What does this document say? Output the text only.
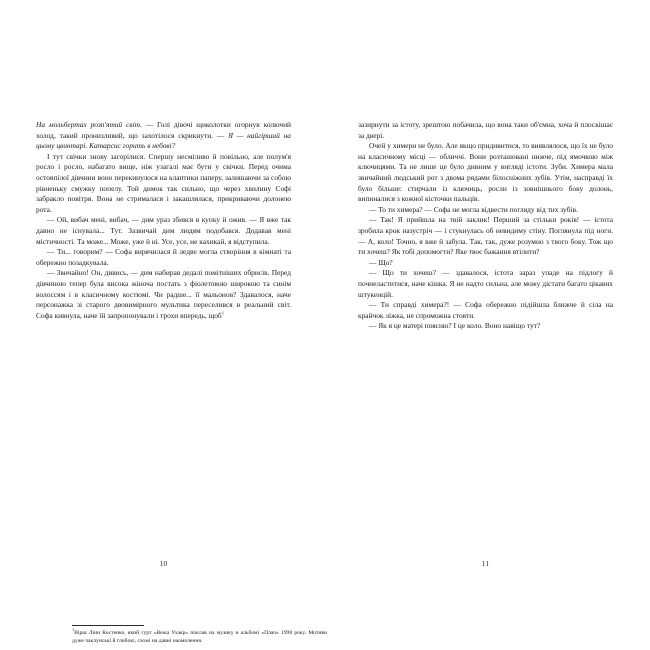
На мольбертах розп'ятий світ. — Голі дівочі щиколотки огорнув колючий холод, такий пронизливий, що захотілося скрикнути. — Я — найгірший на цьому цвинтарі. Катарсис горить в небові?

І тут свічки знову загорілися. Спершу несміливо й повільно, але полум'я росло і росло, набагато вище, ніж узагалі має бути у свічки. Перед очима остовпілої дівчини воно перекинулося на клаптики паперу, залишаючи за собою рівненьку смужку попелу. Той димок так сильно, що через хвилину Софі забракло повітря. Вона не стрималася і закашлялася, прикриваючи долонею рота.

— Ой, вибач мені, вибач, — дим ураз збився в купку й ожив. — Я вже так давно не існувала... Тут. Зазвичай дим людям подобався. Додавав мені містичності. Та може... Може, уже й ні. Усе, усе, не кахикай, я відступила.

— Ти... говорим? — Софа вирячилася й ледве могла створіння в кімнаті та обережно позадкувала.

— Звичайно! Он, дивись, — дим набирав дедалі помітніших обрисів. Перед дівчиною тепер була висока жіноча постать з фіолетовою широкою та синім волоссям і в класичному костюмі. Чи радше... її мальонов? Здавалося, наче персонажка зі старого двовимірного мультика переселився в реальний світ. Софа кивнула, наче їй запропонували і трохи впередь, щоб$^1$

$^1$Вірш Ліни Костенко, який гурт «Вежа Ухакр» поклав на музику в альбомі «Плач» 1998 року. Мотиви дуже чаклунські й глибокі, схожі на давні наомолення.

зазирнути за істоту, зрештою побачила, що вона таки об'ємна, хоча й плоскішає за двері.

Очей у химери не було. Але якщо придивитися, то виявлялося, що їх не було на класичному місці — обличчі. Вони розташовані нижче, під ямочкою між ключицями. Та не лише це було дивним у вигляді істоти. Зуби. Химера мала звичайний людський рот з двома рядами білосніжних зубів. Утім, насправді їх було більше: стирчали із ключиць, росли із зовнішнього боку долонь, випиналися з кожної кісточки пальців.

— То ти химера? — Софа не могла відвести погляду від тих зубів.

— Так! Я прийшла на твій заклик! Перший за стільки років! — істота зробила крок назустріч — і стукнулась об невидиму стіну. Поглянула під ноги. — А, коло! Точно, я вже й забула. Так, так, дуже розумно з твого боку. Тож що ти хочеш? Як тобі допомогти? Яке твоє бажання втілити?

— Що?

— Що ти хочеш? — здавалося, істота зараз упаде на підлогу й почнеластитися, наче кішка. Я не надто сильна, але можу дістати багато цікавих штукенцій.

— Ти справді химера?! — Софа обережно підійшла ближче й сіла на крайчок ліжка, не спроможна стояти.

— Як я це матері поясню? І це коло. Воно навіщо тут?

10	11
